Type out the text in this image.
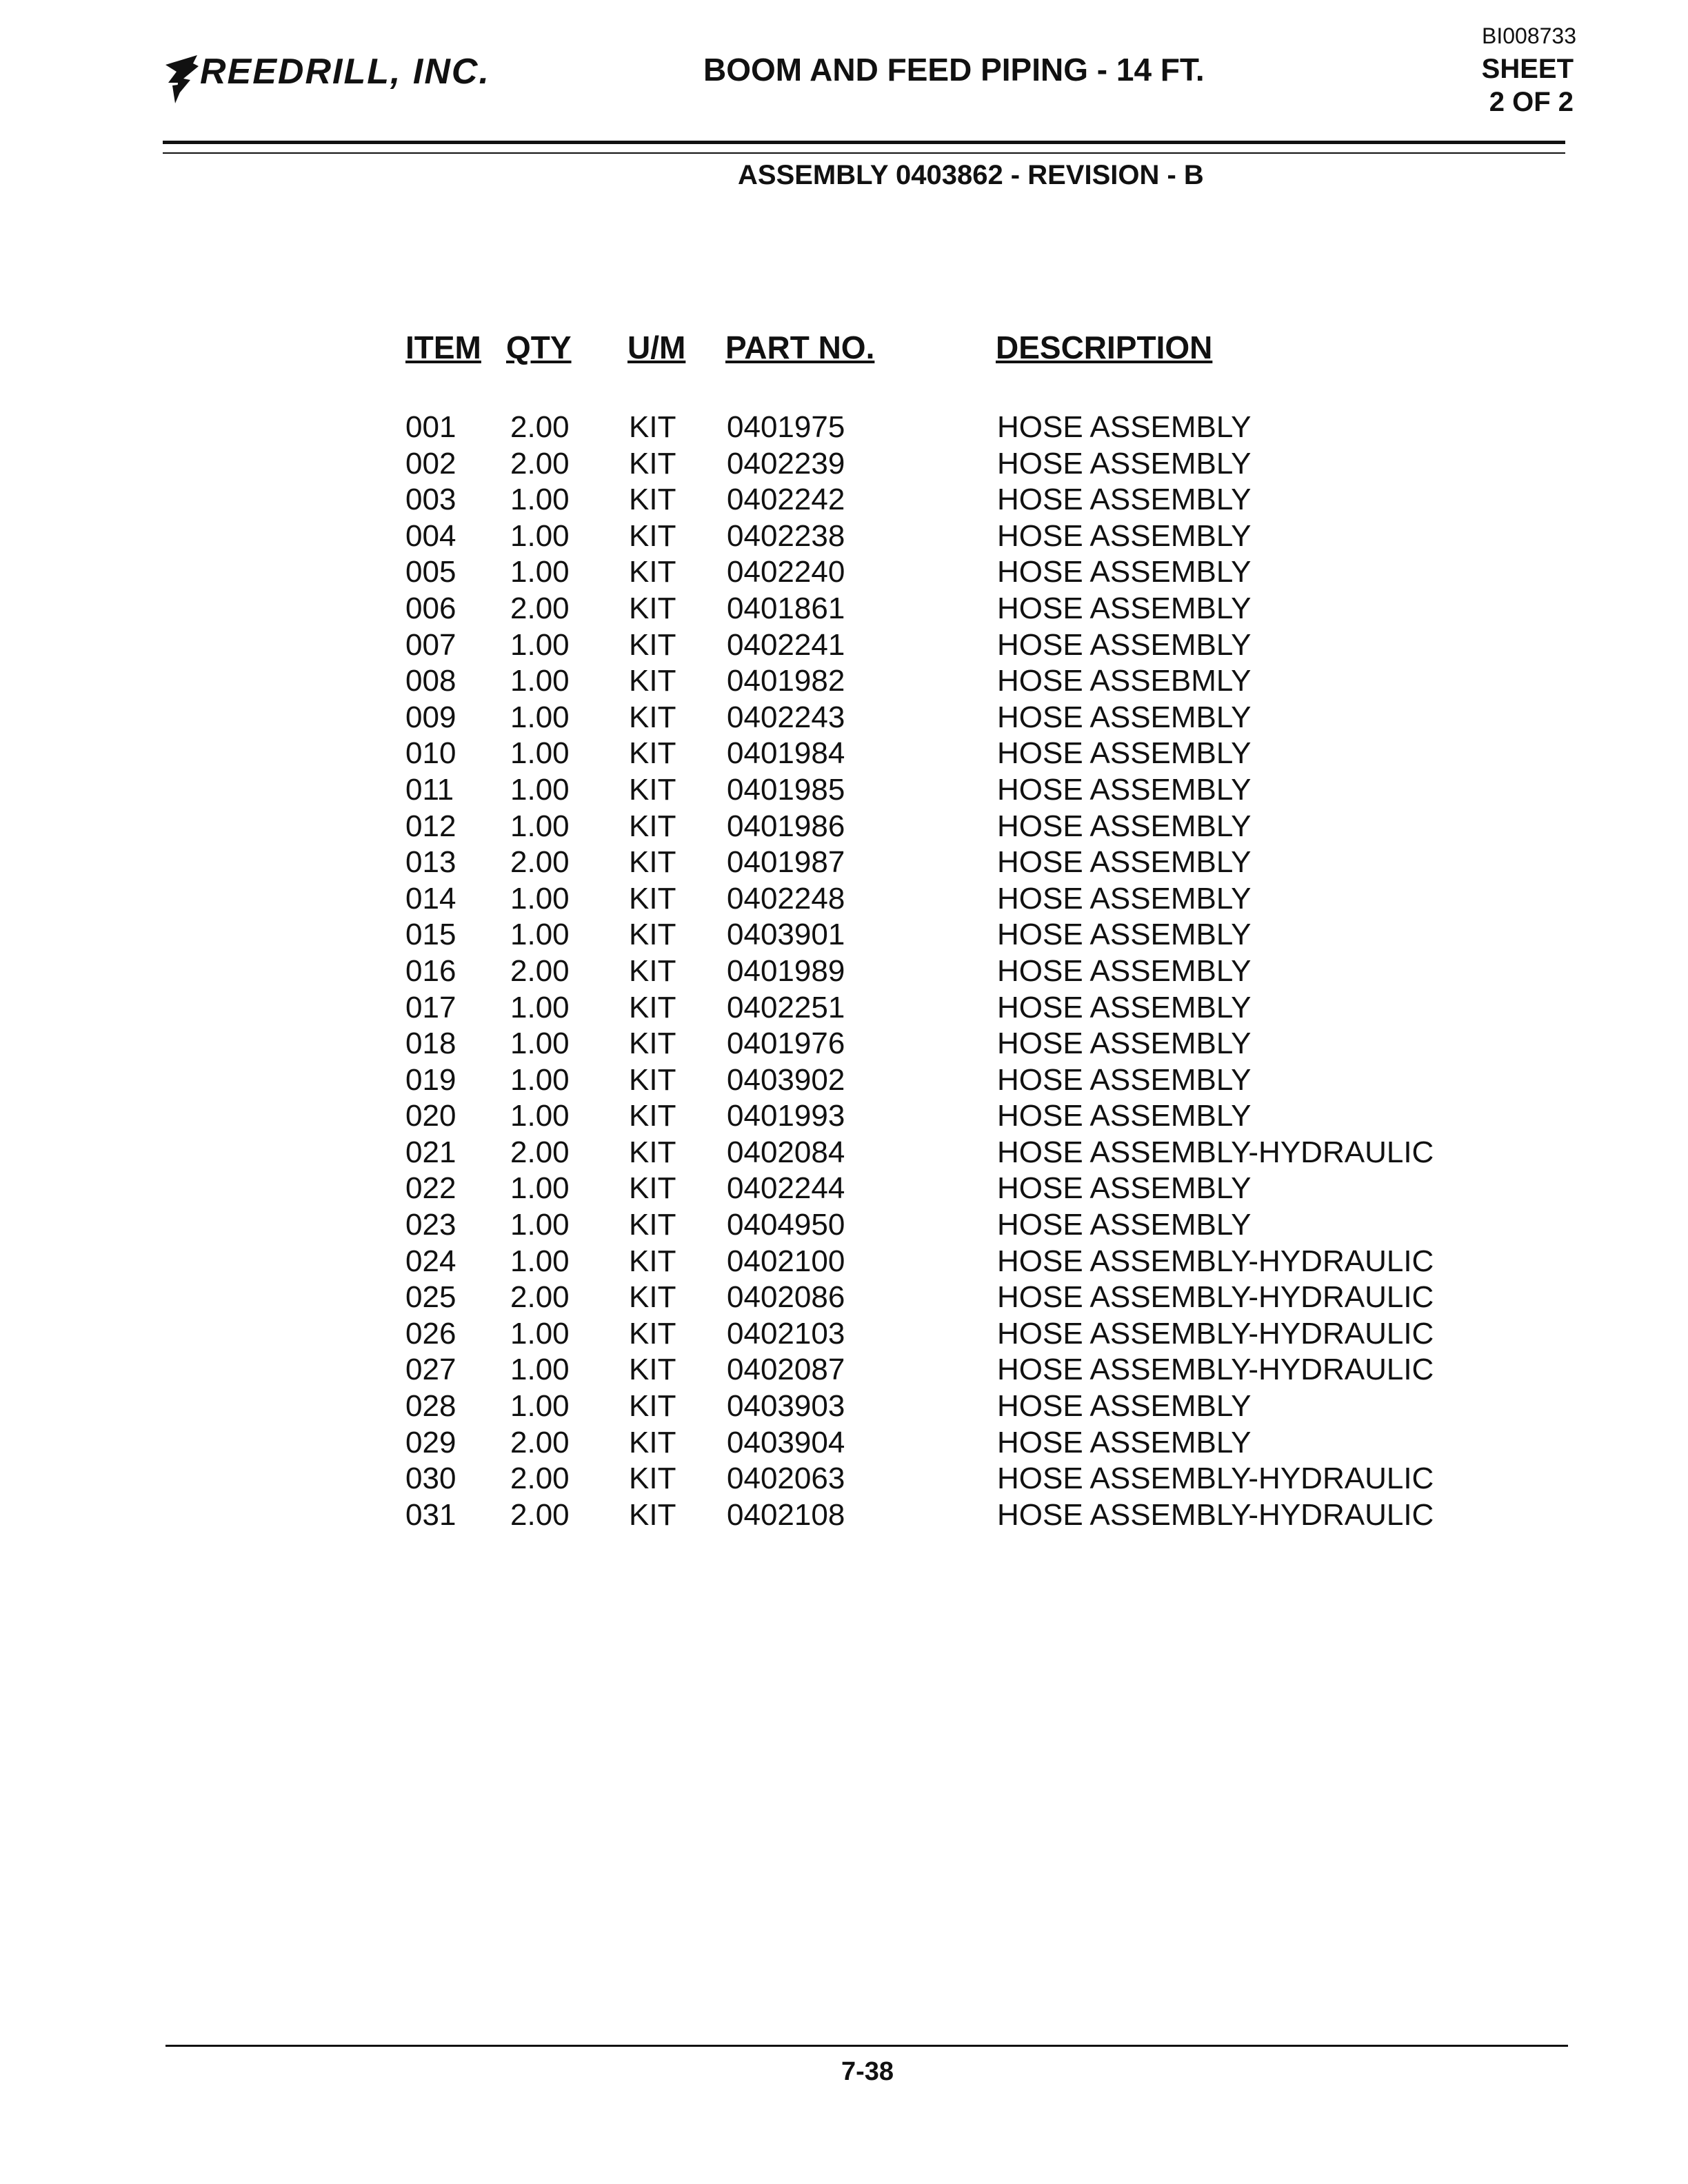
REEDRILL, INC.	BOOM AND FEED PIPING - 14 FT.
BI008733
SHEET
2 OF 2
ASSEMBLY 0403862 - REVISION - B
ITEM QTY U/M PART NO.	DESCRIPTION
001 2.00 KIT 0401975	HOSE ASSEMBLY
002 2.00 KIT 0402239	HOSE ASSEMBLY
003 1.00 KIT 0402242	HOSE ASSEMBLY
004 1.00 KIT 0402238	HOSE ASSEMBLY
005 1.00 KIT 0402240	HOSE ASSEMBLY
006 2.00 KIT 0401861	HOSE ASSEMBLY
007 1.00 KIT 0402241	HOSE ASSEMBLY
008 1.00 KIT 0401982	HOSE ASSEBMLY
009 1.00 KIT 0402243	HOSE ASSEMBLY
010 1.00 KIT 0401984	HOSE ASSEMBLY
011 1.00 KIT 0401985	HOSE ASSEMBLY
012 1.00 KIT 0401986	HOSE ASSEMBLY
013 2.00 KIT 0401987	HOSE ASSEMBLY
014 1.00 KIT 0402248	HOSE ASSEMBLY
015 1.00 KIT 0403901	HOSE ASSEMBLY
016 2.00 KIT 0401989	HOSE ASSEMBLY
017 1.00 KIT 0402251	HOSE ASSEMBLY
018 1.00 KIT 0401976	HOSE ASSEMBLY
019 1.00 KIT 0403902	HOSE ASSEMBLY
020 1.00 KIT 0401993	HOSE ASSEMBLY
021 2.00 KIT 0402084	HOSE ASSEMBLY-HYDRAULIC
022 1.00 KIT 0402244	HOSE ASSEMBLY
023 1.00 KIT 0404950	HOSE ASSEMBLY
024 1.00 KIT 0402100	HOSE ASSEMBLY-HYDRAULIC
025 2.00 KIT 0402086	HOSE ASSEMBLY-HYDRAULIC
026 1.00 KIT 0402103	HOSE ASSEMBLY-HYDRAULIC
027 1.00 KIT 0402087	HOSE ASSEMBLY-HYDRAULIC
028 1.00 KIT 0403903	HOSE ASSEMBLY
029 2.00 KIT 0403904	HOSE ASSEMBLY
030 2.00 KIT 0402063	HOSE ASSEMBLY-HYDRAULIC
031 2.00 KIT 0402108	HOSE ASSEMBLY-HYDRAULIC
7-38
